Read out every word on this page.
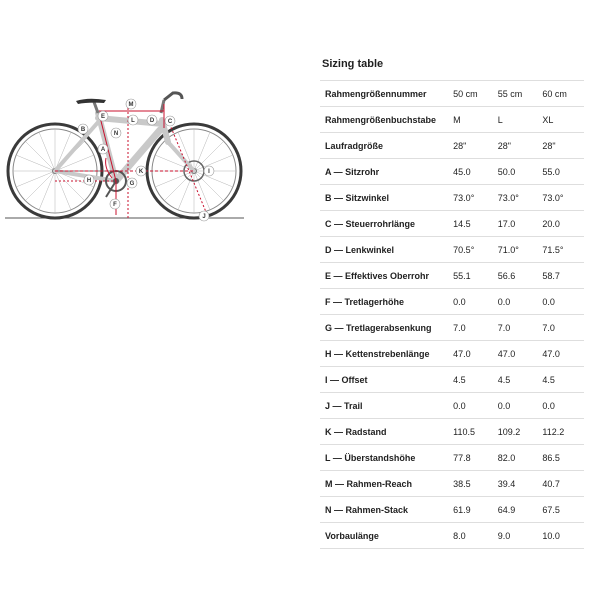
M
L
E
D C
B
N
A
K	I
H	G
F
J
Sizing table
Rahmengrößennummer	50 cm	55 cm	60 cm
Rahmengrößenbuchstabe	M	L	XL
Laufradgröße	28"	28"	28"
A — Sitzrohr	45.0	50.0	55.0
B — Sitzwinkel	73.0°	73.0°	73.0°
C — Steuerrohrlänge	14.5	17.0	20.0
D — Lenkwinkel	70.5°	71.0°	71.5°
E — Effektives Oberrohr	55.1	56.6	58.7
F — Tretlagerhöhe	0.0	0.0	0.0
G — Tretlagerabsenkung	7.0	7.0	7.0
H — Kettenstrebenlänge	47.0	47.0	47.0
I — Offset	4.5	4.5	4.5
J — Trail	0.0	0.0	0.0
K — Radstand	110.5	109.2	112.2
L — Überstandshöhe	77.8	82.0	86.5
M — Rahmen-Reach	38.5	39.4	40.7
N — Rahmen-Stack	61.9	64.9	67.5
Vorbaulänge	8.0	9.0	10.0
